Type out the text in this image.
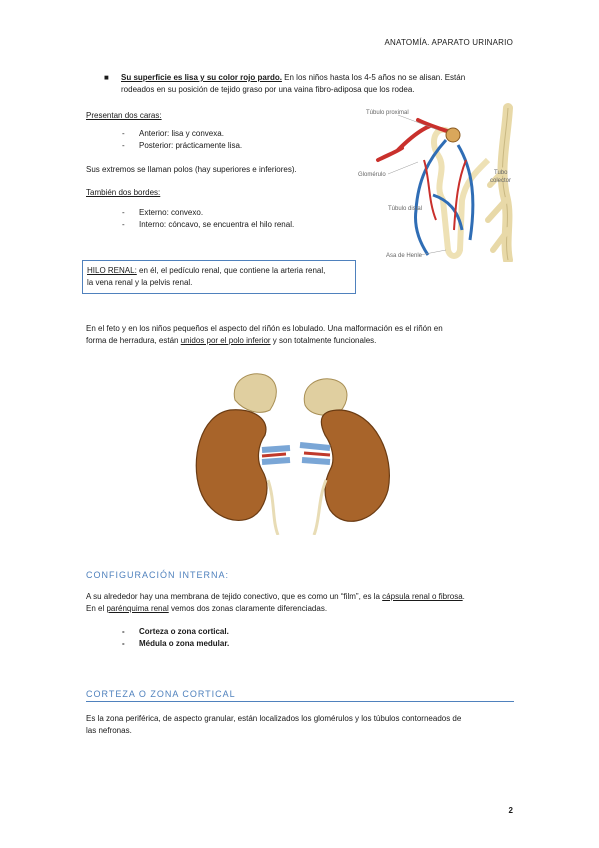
ANATOMÍA. APARATO URINARIO
■ Su superficie es lisa y su color rojo pardo. En los niños hasta los 4-5 años no se alisan. Están
rodeados en su posición de tejido graso por una vaina fibro-adiposa que los rodea.
Presentan dos caras:
- Anterior: lisa y convexa.
- Posterior: prácticamente lisa.
Sus extremos se llaman polos (hay superiores e inferiores).
También dos bordes:
- Externo: convexo.
- Interno: cóncavo, se encuentra el hilo renal.
HILO RENAL: en él, el pedículo renal, que contiene la arteria renal,
la vena renal y la pelvis renal.
Túbulo proximal
Glomérulo
Túbulo distal
Asa de Henle
Tubo
colector
En el feto y en los niños pequeños el aspecto del riñón es lobulado. Una malformación es el riñón en
forma de herradura, están unidos por el polo inferior y son totalmente funcionales.
CONFIGURACIÓN INTERNA:
A su alrededor hay una membrana de tejido conectivo, que es como un “film”, es la cápsula renal o fibrosa.
En el parénquima renal vemos dos zonas claramente diferenciadas.
- Corteza o zona cortical.
- Médula o zona medular.
CORTEZA O ZONA CORTICAL
Es la zona periférica, de aspecto granular, están localizados los glomérulos y los túbulos contorneados de
las nefronas.
2
